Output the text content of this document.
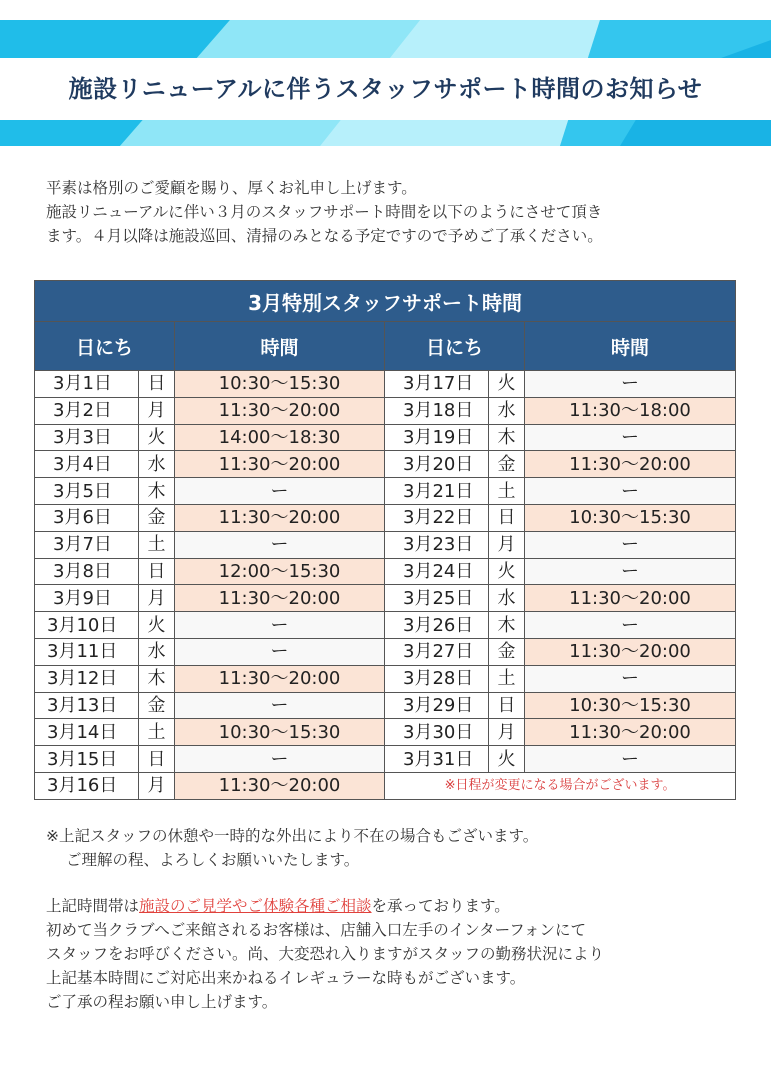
施設リニューアルに伴うスタッフサポート時間のお知らせ

平素は格別のご愛顧を賜り、厚くお礼申し上げます。

施設リニューアルに伴い３月のスタッフサポート時間を以下のようにさせて頂き

ます。４月以降は施設巡回、清掃のみとなる予定ですので予めご了承ください。

3月特別スタッフサポート時間					
日にち		時間	日にち		時間
3月1日	日	10:30〜15:30	3月17日	火	ー
3月2日	月	11:30〜20:00	3月18日	水	11:30〜18:00
3月3日	火	14:00〜18:30	3月19日	木	ー
3月4日	水	11:30〜20:00	3月20日	金	11:30〜20:00
3月5日	木	ー	3月21日	土	ー
3月6日	金	11:30〜20:00	3月22日	日	10:30〜15:30
3月7日	土	ー	3月23日	月	ー
3月8日	日	12:00〜15:30	3月24日	火	ー
3月9日	月	11:30〜20:00	3月25日	水	11:30〜20:00
3月10日	火	ー	3月26日	木	ー
3月11日	水	ー	3月27日	金	11:30〜20:00
3月12日	木	11:30〜20:00	3月28日	土	ー
3月13日	金	ー	3月29日	日	10:30〜15:30
3月14日	土	10:30〜15:30	3月30日	月	11:30〜20:00
3月15日	日	ー	3月31日	火	ー
3月16日	月	11:30〜20:00	※日程が変更になる場合がございます。		

※上記スタッフの休憩や一時的な外出により不在の場合もございます。

ご理解の程、よろしくお願いいたします。

上記時間帯は施設のご見学やご体験各種ご相談を承っております。

初めて当クラブへご来館されるお客様は、店舗入口左手のインターフォンにて

スタッフをお呼びください。尚、大変恐れ入りますがスタッフの勤務状況により

上記基本時間にご対応出来かねるイレギュラーな時もがございます。

ご了承の程お願い申し上げます。
